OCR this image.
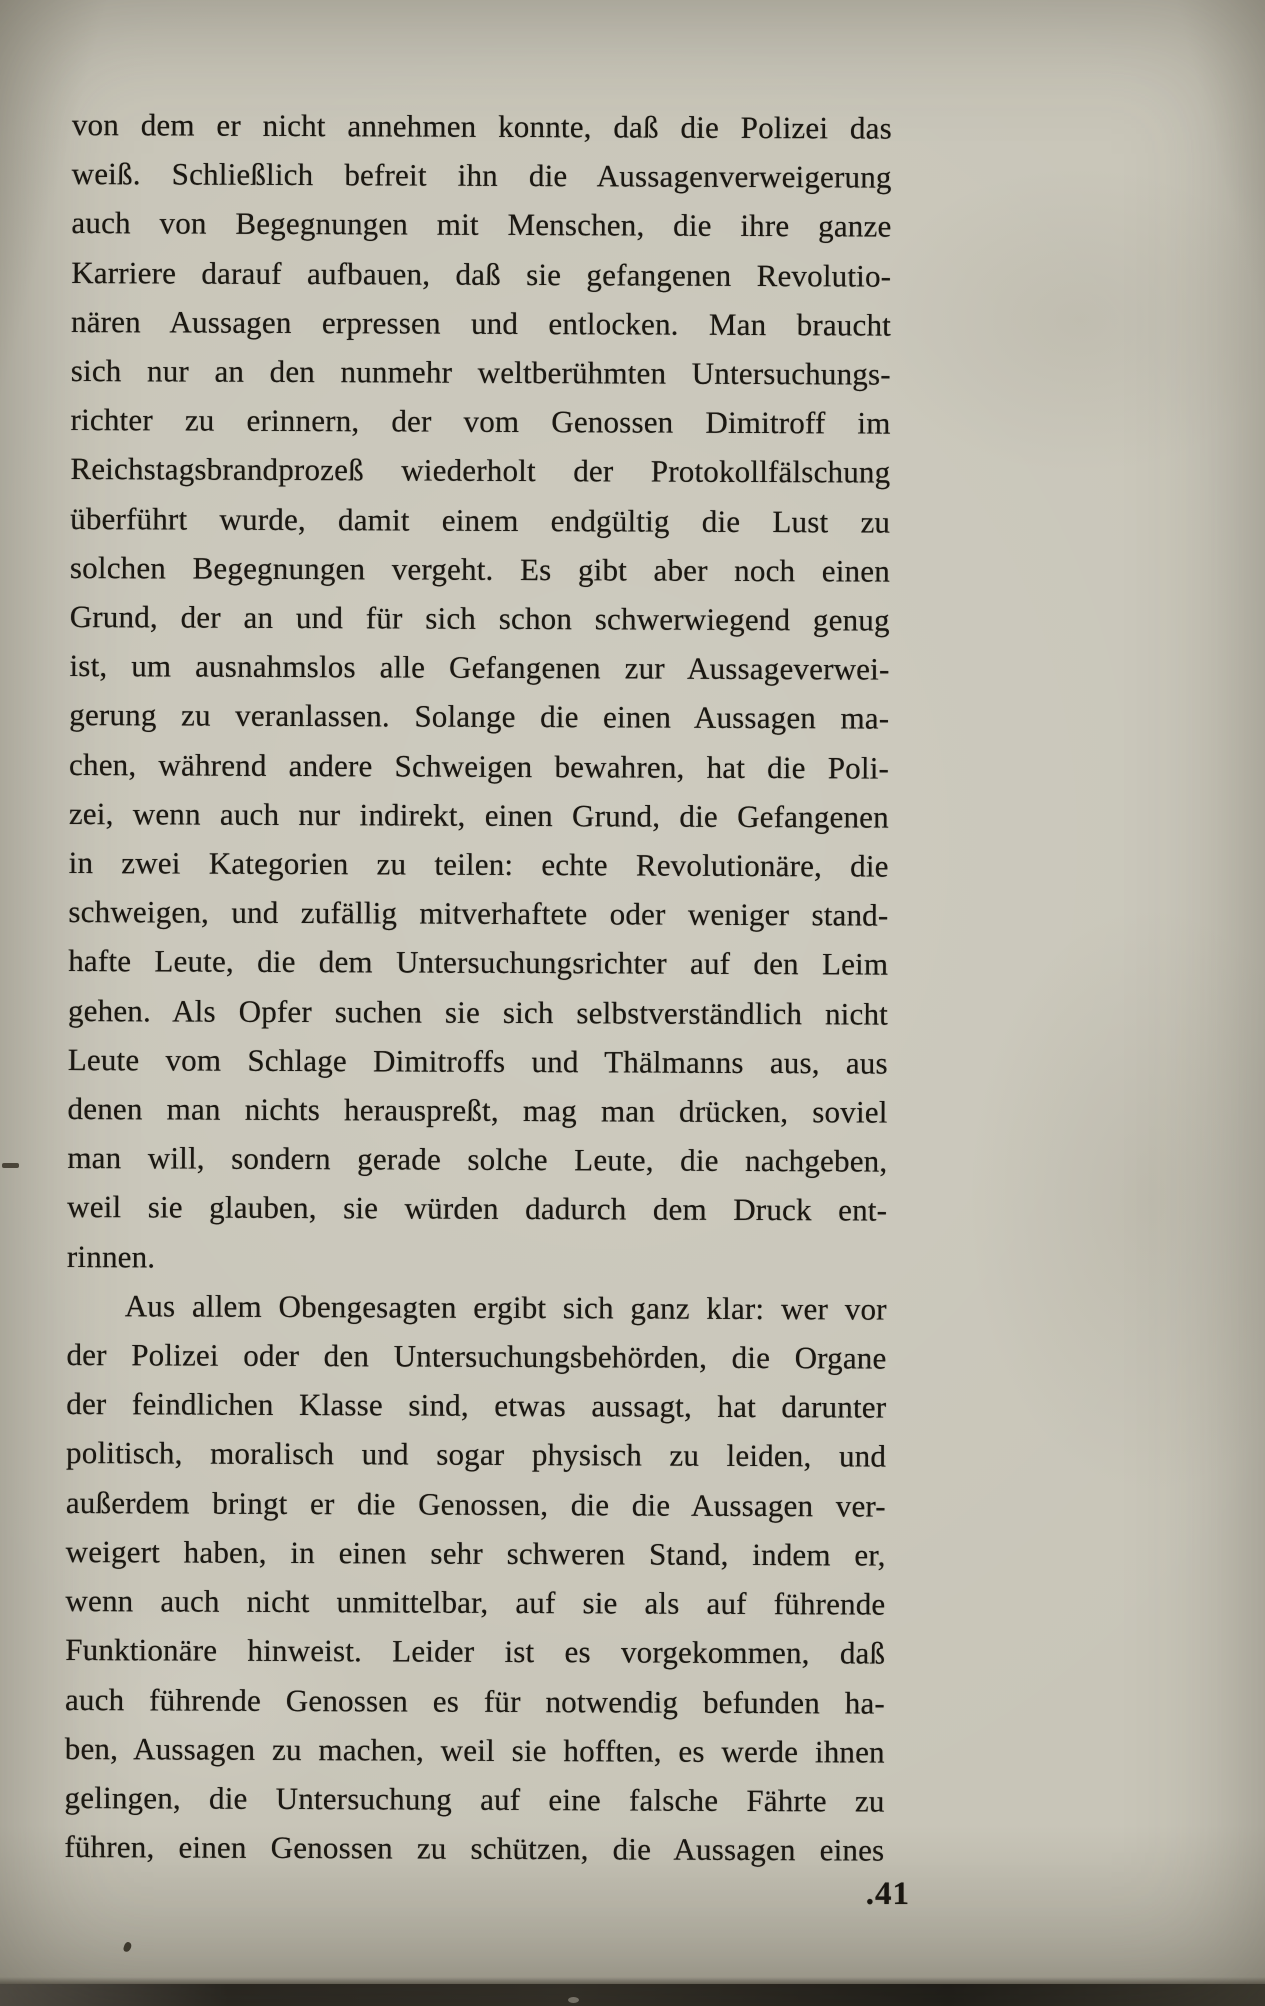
von dem er nicht annehmen konnte, daß die Polizei das
weiß. Schließlich befreit ihn die Aussagenverweigerung
auch von Begegnungen mit Menschen, die ihre ganze
Karriere darauf aufbauen, daß sie gefangenen Revolutio-
nären Aussagen erpressen und entlocken. Man braucht
sich nur an den nunmehr weltberühmten Untersuchungs-
richter zu erinnern, der vom Genossen Dimitroff im
Reichstagsbrandprozeß wiederholt der Protokollfälschung
überführt wurde, damit einem endgültig die Lust zu
solchen Begegnungen vergeht. Es gibt aber noch einen
Grund, der an und für sich schon schwerwiegend genug
ist, um ausnahmslos alle Gefangenen zur Aussageverwei-
gerung zu veranlassen. Solange die einen Aussagen ma-
chen, während andere Schweigen bewahren, hat die Poli-
zei, wenn auch nur indirekt, einen Grund, die Gefangenen
in zwei Kategorien zu teilen: echte Revolutionäre, die
schweigen, und zufällig mitverhaftete oder weniger stand-
hafte Leute, die dem Untersuchungsrichter auf den Leim
gehen. Als Opfer suchen sie sich selbstverständlich nicht
Leute vom Schlage Dimitroffs und Thälmanns aus, aus
denen man nichts herauspreßt, mag man drücken, soviel
man will, sondern gerade solche Leute, die nachgeben,
weil sie glauben, sie würden dadurch dem Druck ent-
rinnen.
Aus allem Obengesagten ergibt sich ganz klar: wer vor
der Polizei oder den Untersuchungsbehörden, die Organe
der feindlichen Klasse sind, etwas aussagt, hat darunter
politisch, moralisch und sogar physisch zu leiden, und
außerdem bringt er die Genossen, die die Aussagen ver-
weigert haben, in einen sehr schweren Stand, indem er,
wenn auch nicht unmittelbar, auf sie als auf führende
Funktionäre hinweist. Leider ist es vorgekommen, daß
auch führende Genossen es für notwendig befunden ha-
ben, Aussagen zu machen, weil sie hofften, es werde ihnen
gelingen, die Untersuchung auf eine falsche Fährte zu
führen, einen Genossen zu schützen, die Aussagen eines
.41
